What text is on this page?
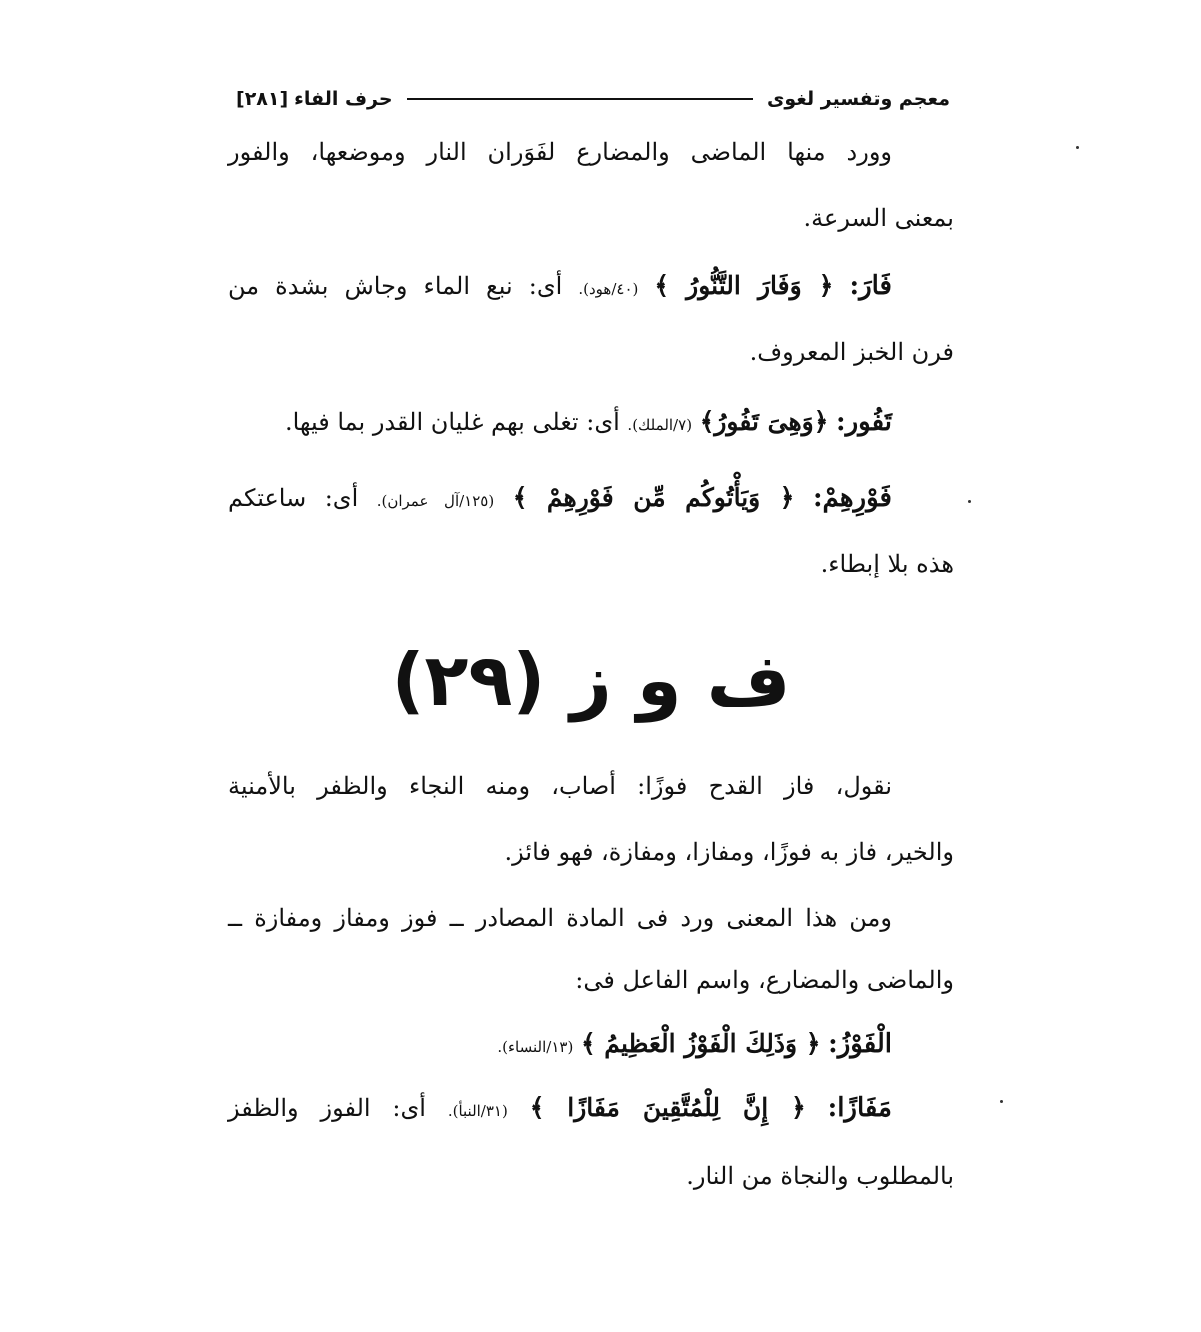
معجم وتفسير لغوى
حرف الفاء
[٢٨١]
وورد منها الماضى والمضارع لفَوَران النار وموضعها، والفور
بمعنى السرعة.
فَارَ: ﴿ وَفَارَ التَّنُّورُ ﴾ (٤٠/هود). أى: نبع الماء وجاش بشدة من
فرن الخبز المعروف.
تَفُور: ﴿وَهِىَ تَفُورُ﴾ (٧/الملك). أى: تغلى بهم غليان القدر بما فيها.
فَوْرِهِمْ: ﴿ وَيَأْتُوكُم مِّن فَوْرِهِمْ ﴾ (١٢٥/آل عمران). أى: ساعتكم
هذه بلا إبطاء.
ف و ز (٢٩)
نقول، فاز القدح فوزًا: أصاب، ومنه النجاء والظفر بالأمنية
والخير، فاز به فوزًا، ومفازا، ومفازة، فهو فائز.
ومن هذا المعنى ورد فى المادة المصادر ــ فوز ومفاز ومفازة ــ
والماضى والمضارع، واسم الفاعل فى:
الْفَوْزُ: ﴿ وَذَلِكَ الْفَوْزُ الْعَظِيمُ ﴾ (١٣/النساء).
مَفَازًا: ﴿ إِنَّ لِلْمُتَّقِينَ مَفَازًا ﴾ (٣١/النبأ). أى: الفوز والظفز
بالمطلوب والنجاة من النار.
